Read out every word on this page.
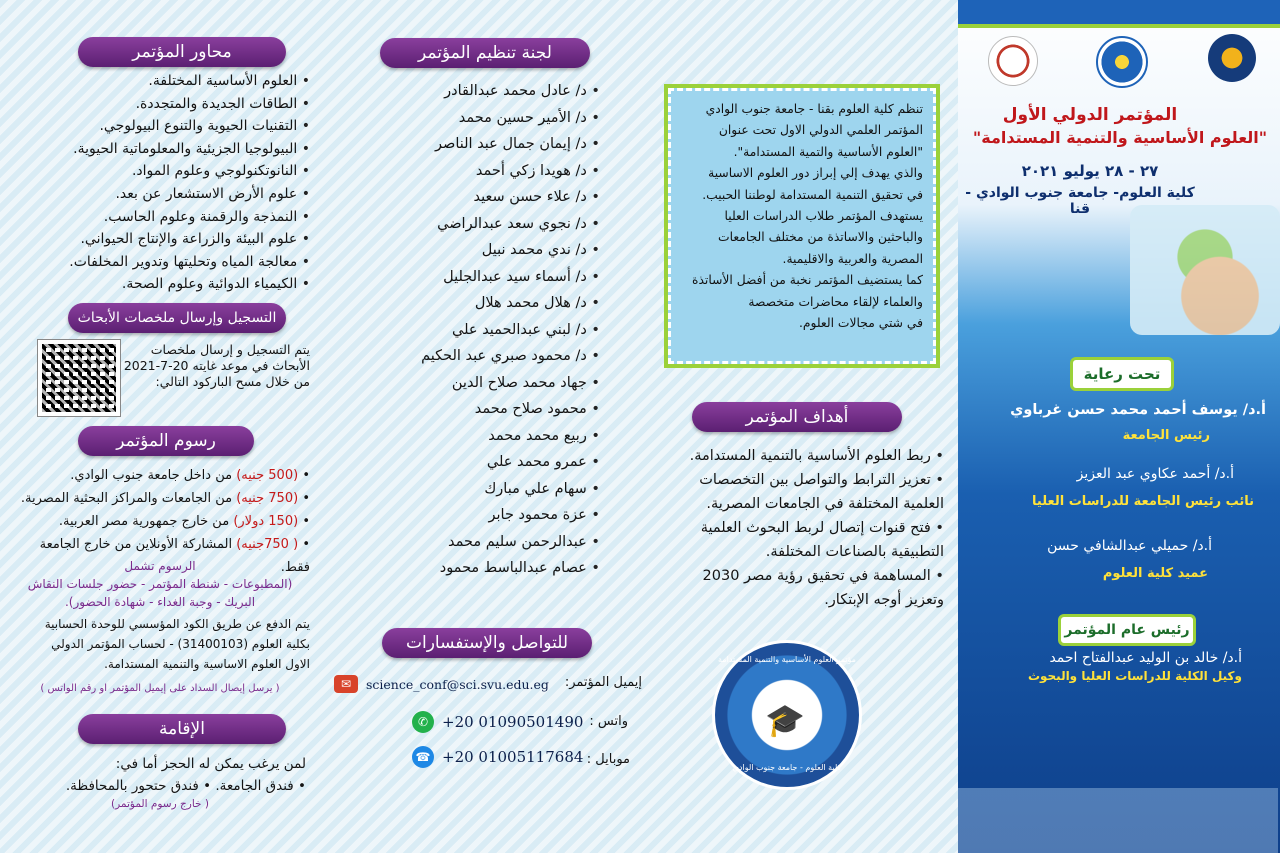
محاور المؤتمر
• العلوم الأساسية المختلفة.
• الطاقات الجديدة والمتجددة.
• التقنيات الحيوية والتنوع البيولوجي.
• البيولوجيا الجزيئية والمعلوماتية الحيوية.
• النانوتكنولوجي وعلوم المواد.
• علوم الأرض الاستشعار عن بعد.
• النمذجة والرقمنة وعلوم الحاسب.
• علوم البيئة والزراعة والإنتاج الحيواني.
• معالجة المياه وتحليتها وتدوير المخلفات.
• الكيمياء الدوائية وعلوم الصحة.
التسجيل وإرسال ملخصات الأبحاث
يتم التسجيل و إرسال ملخصات
الأبحاث في موعد غايته 20-7-2021
من خلال مسح الباركود التالي:
رسوم المؤتمر
• (500 جنيه) من داخل جامعة جنوب الوادي.
• (750 جنيه) من الجامعات والمراكز البحثية المصرية.
• (150 دولار) من خارج جمهورية مصر العربية.
• ( 750جنيه) المشاركة الأونلاين من خارج الجامعة فقط.
الرسوم تشمل
(المطبوعات - شنطة المؤتمر - حضور جلسات النقاش
البريك - وجبة الغداء - شهادة الحضور).
يتم الدفع عن طريق الكود المؤسسي للوحدة الحسابية
بكلية العلوم (31400103) - لحساب المؤتمر الدولي
الاول العلوم الاساسية والتنمية المستدامة.
( يرسل إيصال السداد على إيميل المؤتمر او رقم الواتس )
الإقامة
لمن يرغب يمكن له الحجز أما في:
• فندق الجامعة. • فندق حتحور بالمحافظة.
( خارج رسوم المؤتمر)
لجنة تنظيم المؤتمر
• د/ عادل محمد عبدالقادر
• د/ الأمير حسين محمد
• د/ إيمان جمال عبد الناصر
• د/ هويدا زكي أحمد
• د/ علاء حسن سعيد
• د/ نجوي سعد عبدالراضي
• د/ ندي محمد نبيل
• د/ أسماء سيد عبدالجليل
• د/ هلال محمد هلال
• د/ لبني عبدالحميد علي
• د/ محمود صبري عبد الحكيم
• جهاد محمد صلاح الدين
• محمود صلاح محمد
• ربيع محمد محمد
• عمرو محمد علي
• سهام علي مبارك
• عزة محمود جابر
• عبدالرحمن سليم محمد
• عصام عبدالباسط محمود
للتواصل والإستفسارات
إيميل المؤتمر:
✉	science_conf@sci.svu.edu.eg
واتس :
✆ +20 01090501490
موبايل :
☎ +20 01005117684

تنظم كلية العلوم بقنا - جامعة جنوب الوادي
المؤتمر العلمي الدولي الاول تحت عنوان
"العلوم الأساسية والتمية المستدامة".
والذي يهدف إلي إبراز دور العلوم الاساسية
في تحقيق التنمية المستدامة لوطننا الحبيب.
يستهدف المؤتمر طلاب الدراسات العليا
والباحثين والاساتذة من مختلف الجامعات
المصرية والعربية والاقليمية.
كما يستضيف المؤتمر نخبة من أفضل الأساتذة
والعلماء لإلقاء محاضرات متخصصة
في شتي مجالات العلوم.

أهداف المؤتمر
• ربط العلوم الأساسية بالتنمية المستدامة.
• تعزيز الترابط والتواصل بين التخصصات العلمية المختلفة في الجامعات المصرية.
• فتح قنوات إتصال لربط البحوث العلمية التطبيقية بالصناعات المختلفة.
• المساهمة في تحقيق رؤية مصر 2030 وتعزيز أوجه الإبتكار.
مؤتمر العلوم الأساسية والتنمية المستدامة
🎓
كلية العلوم - جامعة جنوب الوادي
المؤتمر الدولي الأول
"العلوم الأساسية والتنمية المستدامة"
٢٧ - ٢٨ يوليو ٢٠٢١
كلية العلوم- جامعة جنوب الوادي - قنا
تحت رعاية
أ.د/ يوسف أحمد محمد حسن غرباوي
رئيس الجامعة
أ.د/ أحمد عكاوي عبد العزيز
نائب رئيس الجامعة للدراسات العليا
أ.د/ حميلي عبدالشافي حسن
عميد كلية العلوم
رئيس عام المؤتمر
أ.د/ خالد بن الوليد عبدالفتاح احمد
وكيل الكلية للدراسات العليا والبحوث
